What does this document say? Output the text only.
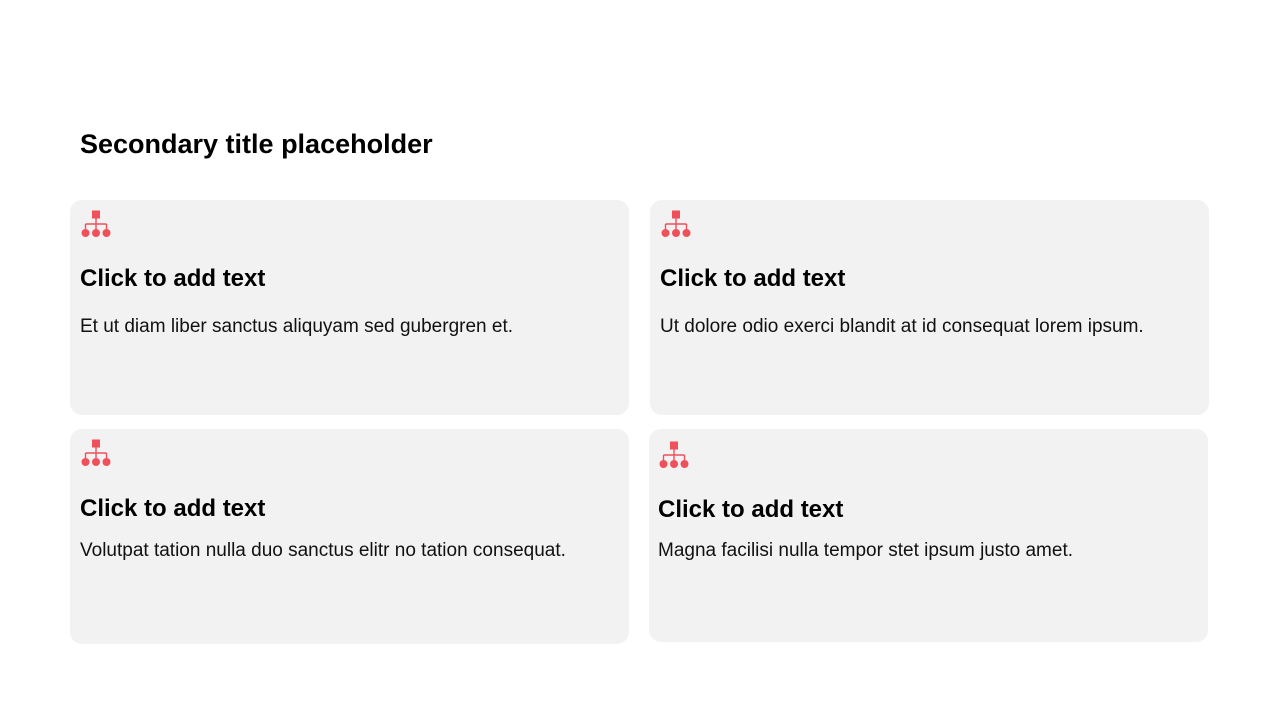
Secondary title placeholder
Click to add text

Et ut diam liber sanctus aliquyam sed gubergren et.

Click to add text

Ut dolore odio exerci blandit at id consequat lorem ipsum.

Click to add text

Volutpat tation nulla duo sanctus elitr no tation consequat.

Click to add text

Magna facilisi nulla tempor stet ipsum justo amet.
